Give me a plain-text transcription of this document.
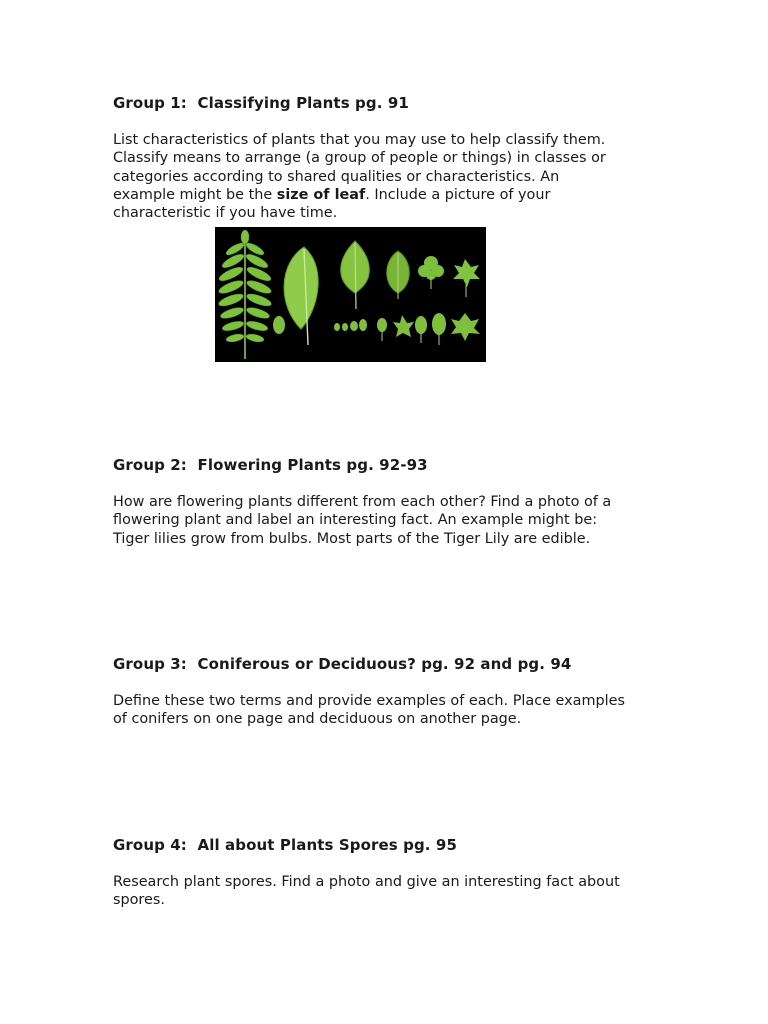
Group 1:  Classifying Plants pg. 91

List characteristics of plants that you may use to help classify them.
Classify means to arrange (a group of people or things) in classes or
categories according to shared qualities or characteristics. An
example might be the size of leaf. Include a picture of your
characteristic if you have time.

Group 2:  Flowering Plants pg. 92-93

How are flowering plants different from each other? Find a photo of a
flowering plant and label an interesting fact. An example might be:
Tiger lilies grow from bulbs. Most parts of the Tiger Lily are edible.

Group 3:  Coniferous or Deciduous? pg. 92 and pg. 94

Define these two terms and provide examples of each. Place examples
of conifers on one page and deciduous on another page.

Group 4:  All about Plants Spores pg. 95

Research plant spores. Find a photo and give an interesting fact about
spores.
